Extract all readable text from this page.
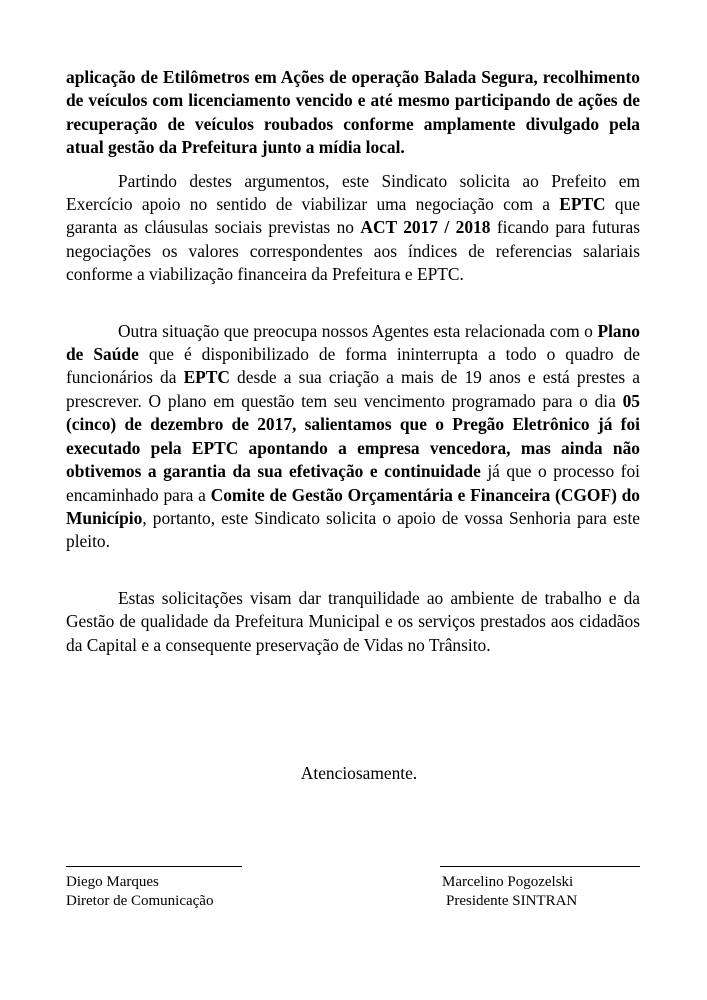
aplicação de Etilômetros em Ações de operação Balada Segura, recolhimento de veículos com licenciamento vencido e até mesmo participando de ações de recuperação de veículos roubados conforme amplamente divulgado pela atual gestão da Prefeitura junto a mídia local.

Partindo destes argumentos, este Sindicato solicita ao Prefeito em Exercício apoio no sentido de viabilizar uma negociação com a EPTC que garanta as cláusulas sociais previstas no ACT 2017 / 2018 ficando para futuras negociações os valores correspondentes aos índices de referencias salariais conforme a viabilização financeira da Prefeitura e EPTC.

Outra situação que preocupa nossos Agentes esta relacionada com o Plano de Saúde que é disponibilizado de forma ininterrupta a todo o quadro de funcionários da EPTC desde a sua criação a mais de 19 anos e está prestes a prescrever. O plano em questão tem seu vencimento programado para o dia 05 (cinco) de dezembro de 2017, salientamos que o Pregão Eletrônico já foi executado pela EPTC apontando a empresa vencedora, mas ainda não obtivemos a garantia da sua efetivação e continuidade já que o processo foi encaminhado para a Comite de Gestão Orçamentária e Financeira (CGOF) do Município, portanto, este Sindicato solicita o apoio de vossa Senhoria para este pleito.

Estas solicitações visam dar tranquilidade ao ambiente de trabalho e da Gestão de qualidade da Prefeitura Municipal e os serviços prestados aos cidadãos da Capital e a consequente preservação de Vidas no Trânsito.

Atenciosamente.

Diego Marques
Diretor de Comunicação
Marcelino Pogozelski
Presidente SINTRAN
